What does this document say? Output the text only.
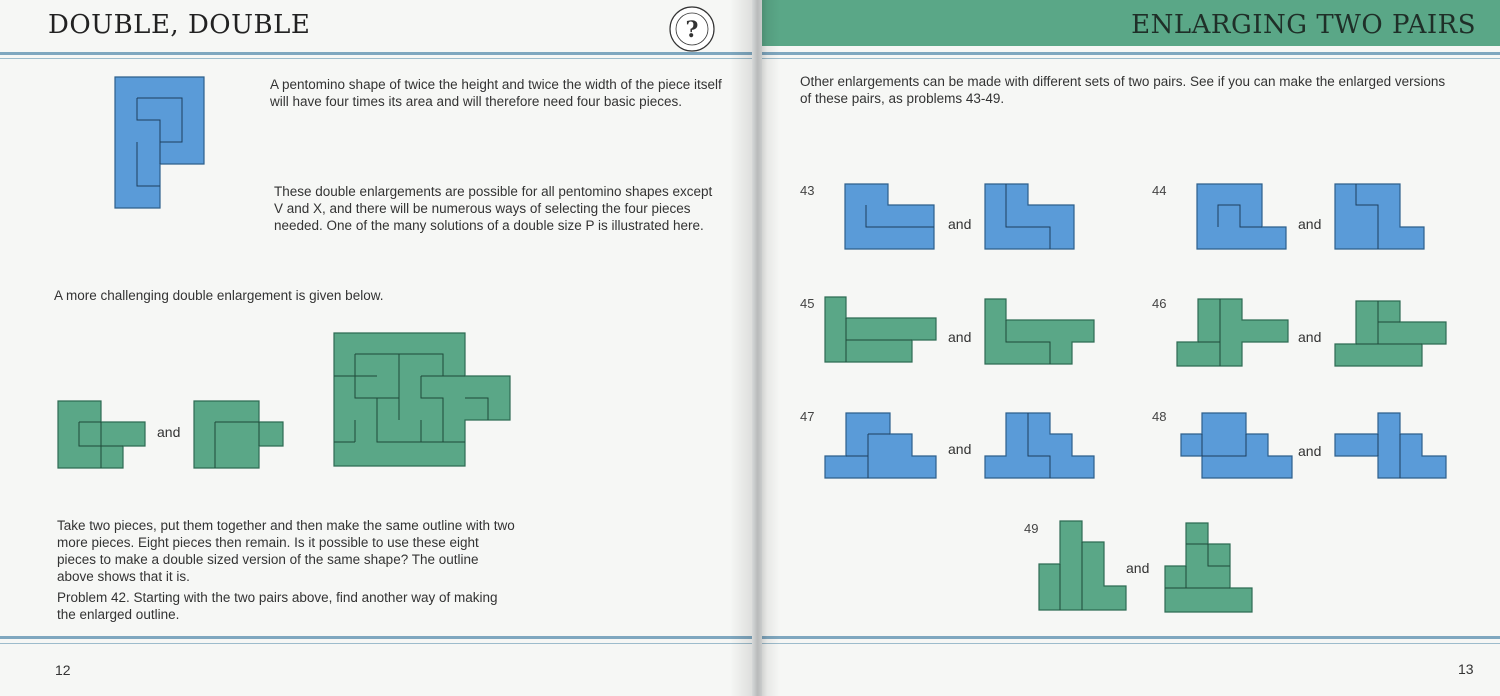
DOUBLE, DOUBLE	?
A pentomino shape of twice the height and twice the width of the piece itself will have four times its area and will therefore need four basic pieces.
These double enlargements are possible for all pentomino shapes except V and X, and there will be numerous ways of selecting the four pieces needed. One of the many solutions of a double size P is illustrated here.
A more challenging double enlargement is given below.
and
Take two pieces, put them together and then make the same outline with two more pieces. Eight pieces then remain. Is it possible to use these eight pieces to make a double sized version of the same shape? The outline above shows that it is.
Problem 42. Starting with the two pairs above, find another way of making the enlarged outline.
12
ENLARGING TWO PAIRS
Other enlargements can be made with different sets of two pairs. See if you can make the enlarged versions of these pairs, as problems 43-49.
43
and
44
and
45
and
46
and
47
and
48
and
49
and
13
